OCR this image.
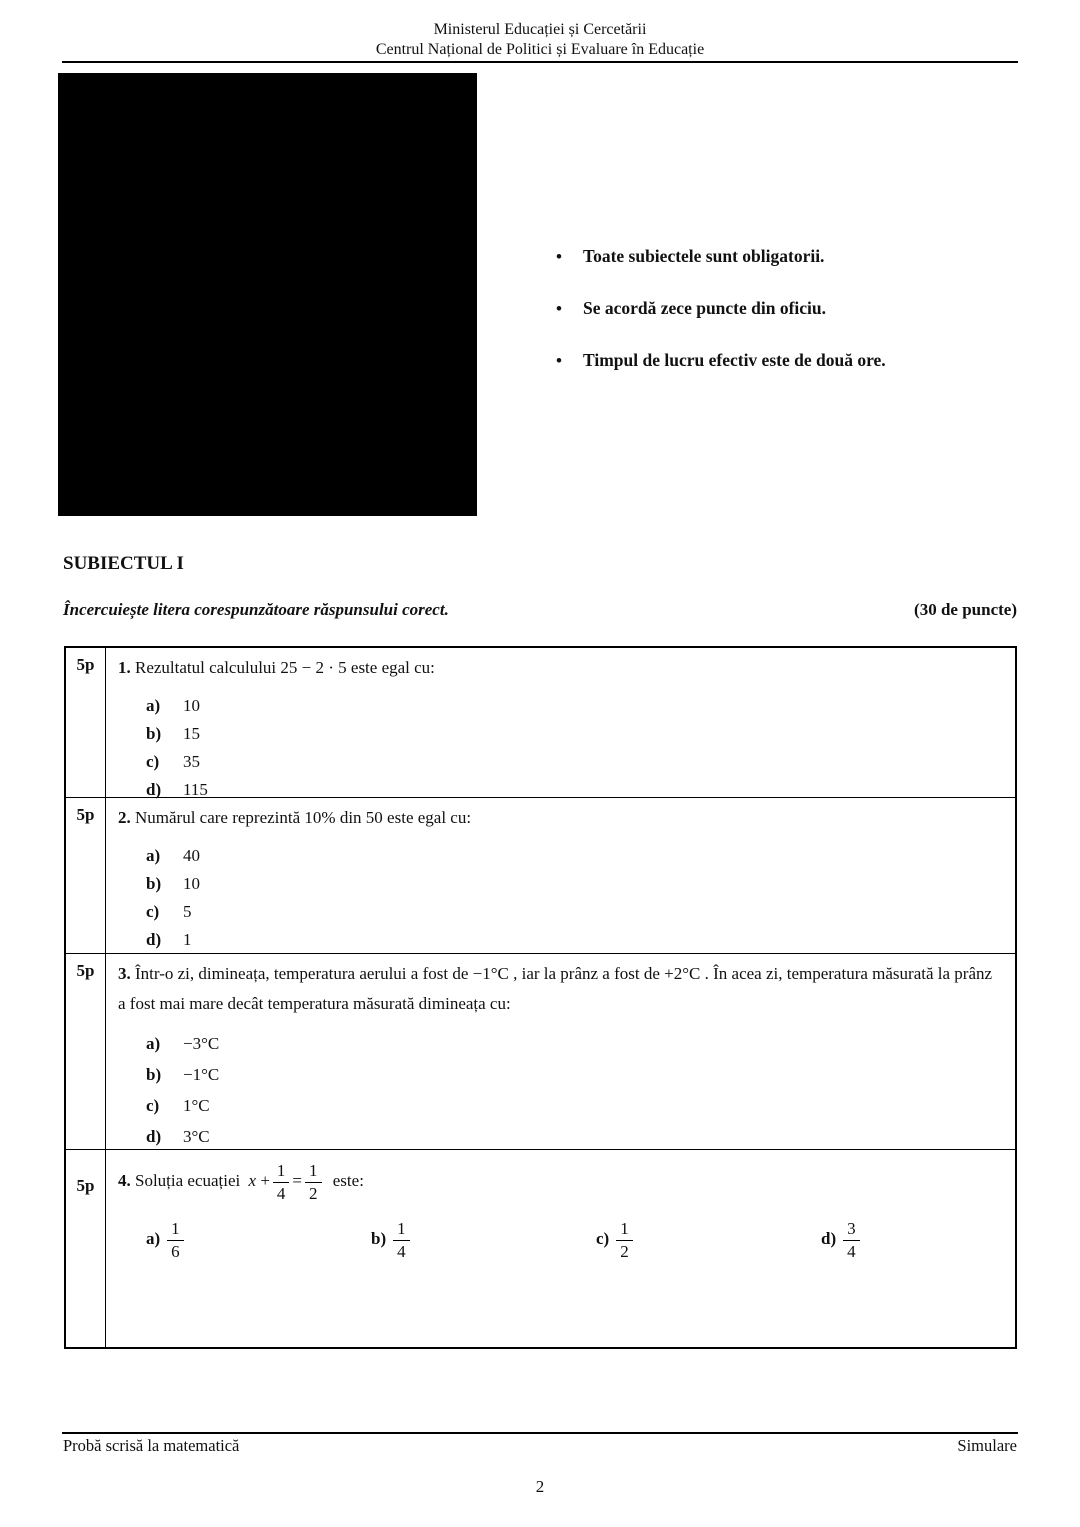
Ministerul Educației și Cercetării
Centrul Național de Politici și Evaluare în Educație
•	Toate subiectele sunt obligatorii.
•	Se acordă zece puncte din oficiu.
•	Timpul de lucru efectiv este de două ore.
SUBIECTUL I
Încercuiește litera corespunzătoare răspunsului corect.	(30 de puncte)
5p	1. Rezultatul calculului 25 − 2 · 5 este egal cu:
a) 10
b) 15
c) 35
d) 115
5p	2. Numărul care reprezintă 10% din 50 este egal cu:
a) 40
b) 10
c) 5
d) 1
5p	3. Într-o zi, dimineața, temperatura aerului a fost de −1°C , iar la prânz a fost de +2°C . În acea zi, temperatura măsurată la prânz a fost mai mare decât temperatura măsurată dimineața cu:
a) −3°C
b) −1°C
c) 1°C
d) 3°C
5p	4. Soluția ecuației $x + \frac{1}{4} = \frac{1}{2}$ este:
$a) \frac{1}{6}$	$b) \frac{1}{4}$	$c) \frac{1}{2}$	$d) \frac{3}{4}$
Probă scrisă la matematică	Simulare
2
